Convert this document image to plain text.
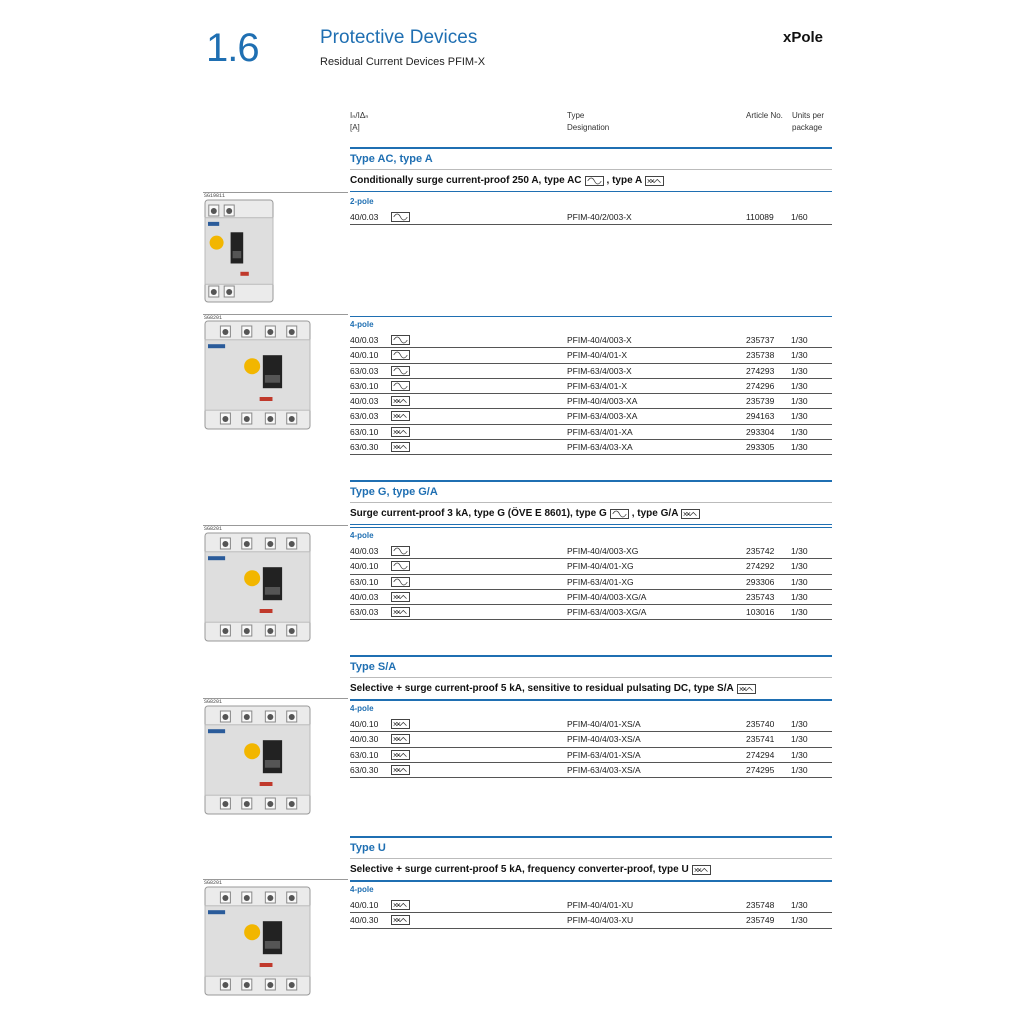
1.6	Protective Devices
Residual Current Devices PFIM-X
xPole
Iₙ/IΔₙ
[A]
Type
Designation
Article No. Units per
package
Type AC, type A
Conditionally surge current-proof 250 A, type AC	, type A
2-pole
40/0.03	PFIM-40/2/003-X	110089 1/60
4-pole
40/0.03	PFIM-40/4/003-X	235737 1/30
40/0.10	PFIM-40/4/01-X	235738 1/30
63/0.03	PFIM-63/4/003-X	274293 1/30
63/0.10	PFIM-63/4/01-X	274296 1/30
40/0.03	PFIM-40/4/003-XA	235739 1/30
63/0.03	PFIM-63/4/003-XA	294163 1/30
63/0.10	PFIM-63/4/01-XA	293304 1/30
63/0.30	PFIM-63/4/03-XA	293305 1/30
Type G, type G/A
Surge current-proof 3 kA, type G (ÖVE E 8601), type G	, type G/A
4-pole
40/0.03	PFIM-40/4/003-XG	235742 1/30
40/0.10	PFIM-40/4/01-XG	274292 1/30
63/0.10	PFIM-63/4/01-XG	293306 1/30
40/0.03	PFIM-40/4/003-XG/A	235743 1/30
63/0.03	PFIM-63/4/003-XG/A	103016 1/30
Type S/A
Selective + surge current-proof 5 kA, sensitive to residual pulsating DC, type S/A
4-pole
40/0.10	PFIM-40/4/01-XS/A	235740 1/30
40/0.30	PFIM-40/4/03-XS/A	235741 1/30
63/0.10	PFIM-63/4/01-XS/A	274294 1/30
63/0.30	PFIM-63/4/03-XS/A	274295 1/30
Type U
Selective + surge current-proof 5 kA, frequency converter-proof, type U
4-pole
40/0.10	PFIM-40/4/01-XU	235748 1/30
40/0.30	PFIM-40/4/03-XU	235749 1/30
SG19811
SG8201
SG8201
SG8201
SG8201
